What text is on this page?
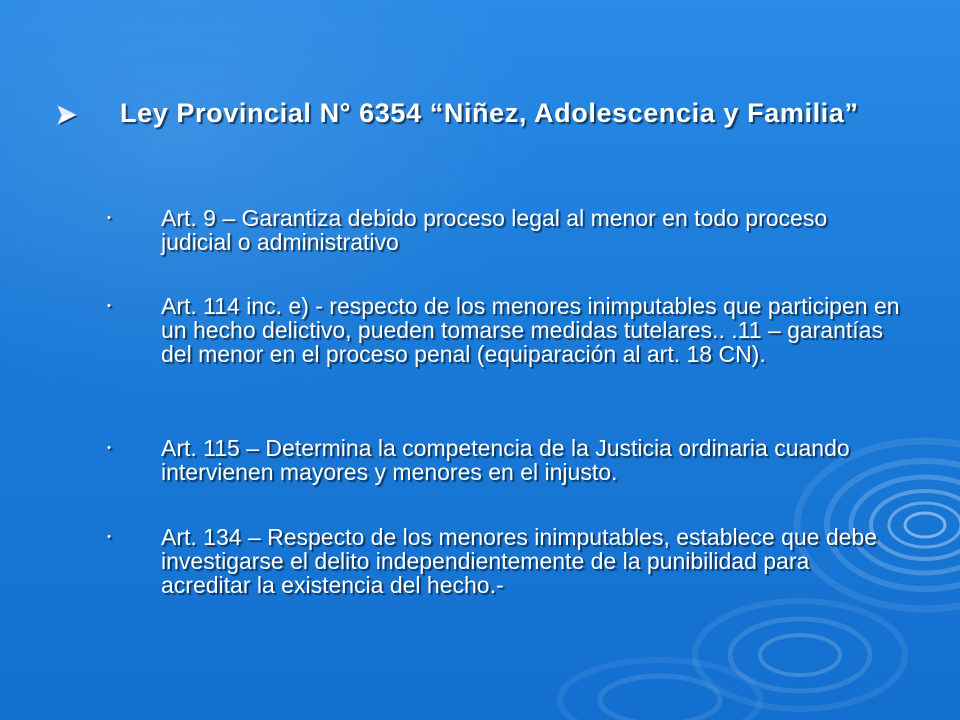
Ley Provincial N° 6354 “Niñez, Adolescencia y Familia”
• Art. 9 – Garantiza debido proceso legal al menor en todo proceso judicial o administrativo
• Art. 114 inc. e) - respecto de los menores inimputables que participen en un hecho delictivo, pueden tomarse medidas tutelares.. .11 – garantías del menor en el proceso penal (equiparación al art. 18 CN).
• Art. 115 – Determina la competencia de la Justicia ordinaria cuando intervienen mayores y menores en el injusto.
• Art. 134 – Respecto de los menores inimputables, establece que debe investigarse el delito independientemente de la punibilidad para acreditar la existencia del hecho.-
